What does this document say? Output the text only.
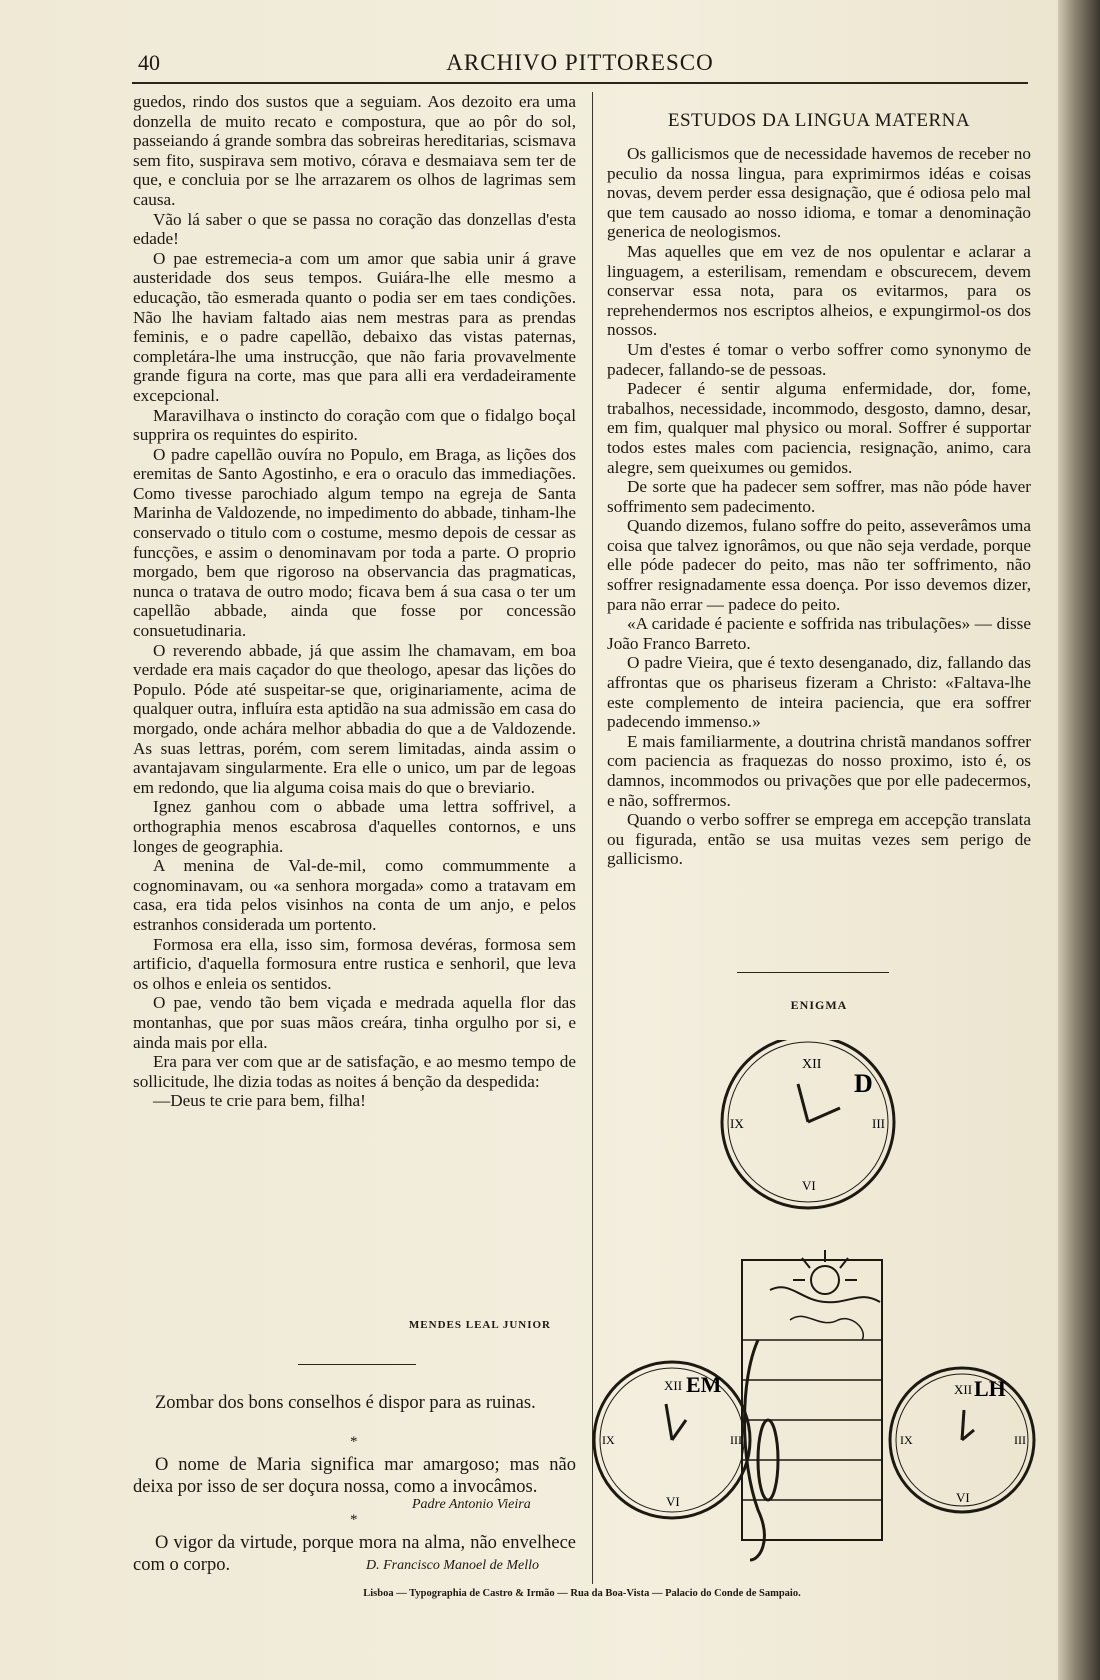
40	ARCHIVO PITTORESCO

guedos, rindo dos sustos que a seguiam. Aos dezoito era uma donzella de muito recato e compostura, que ao pôr do sol, passeiando á grande sombra das sobreiras hereditarias, scismava sem fito, suspirava sem motivo, córava e desmaiava sem ter de que, e concluia por se lhe arrazarem os olhos de lagrimas sem causa.

Vão lá saber o que se passa no coração das donzellas d'esta edade!

O pae estremecia-a com um amor que sabia unir á grave austeridade dos seus tempos. Guiára-lhe elle mesmo a educação, tão esmerada quanto o podia ser em taes condições. Não lhe haviam faltado aias nem mestras para as prendas feminis, e o padre capellão, debaixo das vistas paternas, completára-lhe uma instrucção, que não faria provavelmente grande figura na corte, mas que para alli era verdadeiramente excepcional.

Maravilhava o instincto do coração com que o fidalgo boçal supprira os requintes do espirito.

O padre capellão ouvíra no Populo, em Braga, as lições dos eremitas de Santo Agostinho, e era o oraculo das immediações. Como tivesse parochiado algum tempo na egreja de Santa Marinha de Valdozende, no impedimento do abbade, tinham-lhe conservado o titulo com o costume, mesmo depois de cessar as funcções, e assim o denominavam por toda a parte. O proprio morgado, bem que rigoroso na observancia das pragmaticas, nunca o tratava de outro modo; ficava bem á sua casa o ter um capellão abbade, ainda que fosse por concessão consuetudinaria.

O reverendo abbade, já que assim lhe chamavam, em boa verdade era mais caçador do que theologo, apesar das lições do Populo. Póde até suspeitar-se que, originariamente, acima de qualquer outra, influíra esta aptidão na sua admissão em casa do morgado, onde achára melhor abbadia do que a de Valdozende. As suas lettras, porém, com serem limitadas, ainda assim o avantajavam singularmente. Era elle o unico, um par de legoas em redondo, que lia alguma coisa mais do que o breviario.

Ignez ganhou com o abbade uma lettra soffrivel, a orthographia menos escabrosa d'aquelles contornos, e uns longes de geographia.

A menina de Val-de-mil, como commummente a cognominavam, ou «a senhora morgada» como a tratavam em casa, era tida pelos visinhos na conta de um anjo, e pelos estranhos considerada um portento.

Formosa era ella, isso sim, formosa devéras, formosa sem artificio, d'aquella formosura entre rustica e senhoril, que leva os olhos e enleia os sentidos.

O pae, vendo tão bem viçada e medrada aquella flor das montanhas, que por suas mãos creára, tinha orgulho por si, e ainda mais por ella.

Era para ver com que ar de satisfação, e ao mesmo tempo de sollicitude, lhe dizia todas as noites á benção da despedida:

—Deus te crie para bem, filha!

MENDES LEAL JUNIOR

Zombar dos bons conselhos é dispor para as ruinas.

*

O nome de Maria significa mar amargoso; mas não deixa por isso de ser doçura nossa, como a invocâmos.

Padre Antonio Vieira
*

O vigor da virtude, porque mora na alma, não envelhece com o corpo.	D. Francisco Manoel de Mello
ESTUDOS DA LINGUA MATERNA

Os gallicismos que de necessidade havemos de receber no peculio da nossa lingua, para exprimirmos idéas e coisas novas, devem perder essa designação, que é odiosa pelo mal que tem causado ao nosso idioma, e tomar a denominação generica de neologismos.

Mas aquelles que em vez de nos opulentar e aclarar a linguagem, a esterilisam, remendam e obscurecem, devem conservar essa nota, para os evitarmos, para os reprehendermos nos escriptos alheios, e expungirmol-os dos nossos.

Um d'estes é tomar o verbo soffrer como synonymo de padecer, fallando-se de pessoas.

Padecer é sentir alguma enfermidade, dor, fome, trabalhos, necessidade, incommodo, desgosto, damno, desar, em fim, qualquer mal physico ou moral. Soffrer é supportar todos estes males com paciencia, resignação, animo, cara alegre, sem queixumes ou gemidos.

De sorte que ha padecer sem soffrer, mas não póde haver soffrimento sem padecimento.

Quando dizemos, fulano soffre do peito, asseverâmos uma coisa que talvez ignorâmos, ou que não seja verdade, porque elle póde padecer do peito, mas não ter soffrimento, não soffrer resignadamente essa doença. Por isso devemos dizer, para não errar — padece do peito.

«A caridade é paciente e soffrida nas tribulações» — disse João Franco Barreto.

O padre Vieira, que é texto desenganado, diz, fallando das affrontas que os phariseus fizeram a Christo: «Faltava-lhe este complemento de inteira paciencia, que era soffrer padecendo immenso.»

E mais familiarmente, a doutrina christã mandanos soffrer com paciencia as fraquezas do nosso proximo, isto é, os damnos, incommodos ou privações que por elle padecermos, e não, soffrermos.

Quando o verbo soffrer se emprega em accepção translata ou figurada, então se usa muitas vezes sem perigo de gallicismo.

ENIGMA
XII
III
VI
IX
D
XII
VI
IX	III
EM	XII
VI
IX	III
LH
Lisboa — Typographia de Castro & Irmão — Rua da Boa-Vista — Palacio do Conde de Sampaio.
